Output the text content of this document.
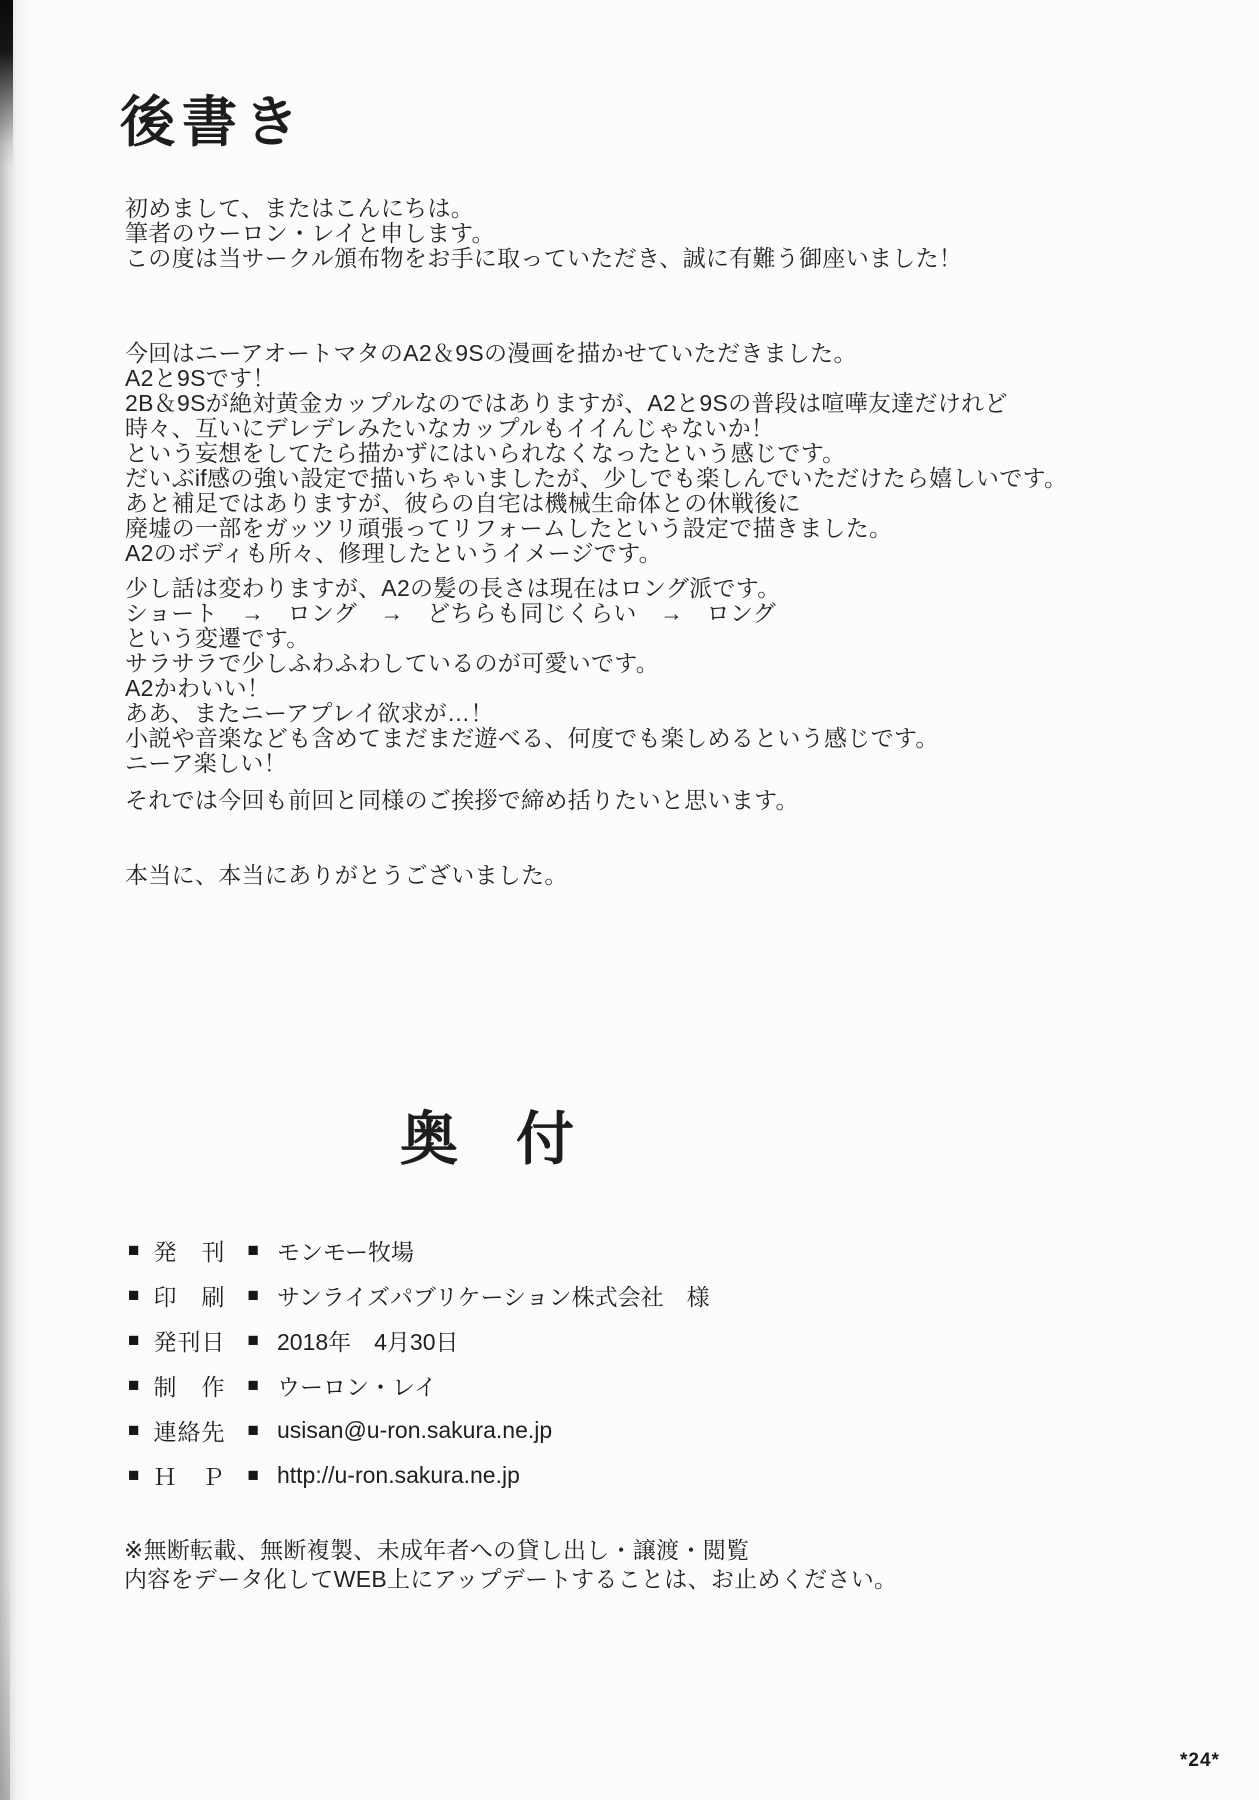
後書き
初めまして、またはこんにちは。
筆者のウーロン・レイと申します。
この度は当サークル頒布物をお手に取っていただき、誠に有難う御座いました！
今回はニーアオートマタのA2＆9Sの漫画を描かせていただきました。
A2と9Sです！
2B＆9Sが絶対黄金カップルなのではありますが、A2と9Sの普段は喧嘩友達だけれど
時々、互いにデレデレみたいなカップルもイイんじゃないか！
という妄想をしてたら描かずにはいられなくなったという感じです。
だいぶif感の強い設定で描いちゃいましたが、少しでも楽しんでいただけたら嬉しいです。
あと補足ではありますが、彼らの自宅は機械生命体との休戦後に
廃墟の一部をガッツリ頑張ってリフォームしたという設定で描きました。
A2のボディも所々、修理したというイメージです。
少し話は変わりますが、A2の髪の長さは現在はロング派です。
ショート　→　ロング　→　どちらも同じくらい　→　ロング
という変遷です。
サラサラで少しふわふわしているのが可愛いです。
A2かわいい！
ああ、またニーアプレイ欲求が…！
小説や音楽なども含めてまだまだ遊べる、何度でも楽しめるという感じです。
ニーア楽しい！
それでは今回も前回と同様のご挨拶で締め括りたいと思います。
本当に、本当にありがとうございました。
奥　付
■ 発　刊	■ モンモー牧場
■ 印　刷	■ サンライズパブリケーション株式会社　様
■ 発刊日	■ 2018年　4月30日
■ 制　作	■ ウーロン・レイ
■ 連絡先	■ usisan@u-ron.sakura.ne.jp
■ Ｈ　Ｐ	■ http://u-ron.sakura.ne.jp
※無断転載、無断複製、未成年者への貸し出し・譲渡・閲覧
内容をデータ化してWEB上にアップデートすることは、お止めください。
*24*
